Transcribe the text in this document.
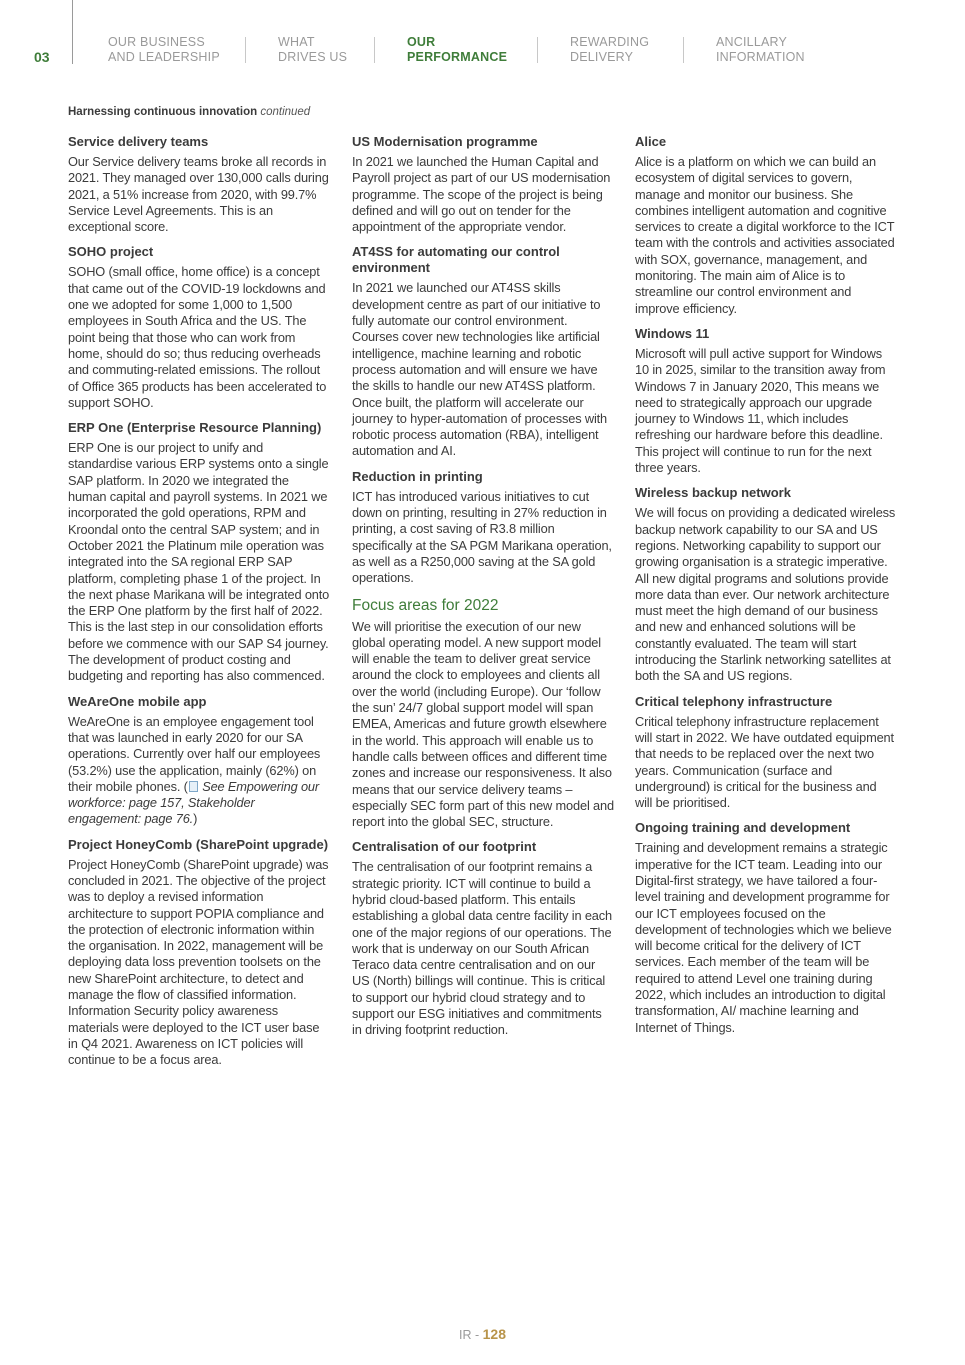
03
OUR BUSINESS
AND LEADERSHIP
WHAT
DRIVES US
OUR
PERFORMANCE
REWARDING
DELIVERY
ANCILLARY
INFORMATION
Harnessing continuous innovation continued
Service delivery teams

Our Service delivery teams broke all records in 2021. They managed over 130,000 calls during 2021, a 51% increase from 2020, with 99.7% Service Level Agreements. This is an exceptional score.

SOHO project

SOHO (small office, home office) is a concept that came out of the COVID-19 lockdowns and one we adopted for some 1,000 to 1,500 employees in South Africa and the US. The point being that those who can work from home, should do so; thus reducing overheads and commuting-related emissions. The rollout of Office 365 products has been accelerated to support SOHO.

ERP One (Enterprise Resource Planning)

ERP One is our project to unify and standardise various ERP systems onto a single SAP platform. In 2020 we integrated the human capital and payroll systems. In 2021 we incorporated the gold operations, RPM and Kroondal onto the central SAP system; and in October 2021 the Platinum mile operation was integrated into the SA regional ERP SAP platform, completing phase 1 of the project. In the next phase Marikana will be integrated onto the ERP One platform by the first half of 2022. This is the last step in our consolidation efforts before we commence with our SAP S4 journey. The development of product costing and budgeting and reporting has also commenced.

WeAreOne mobile app

WeAreOne is an employee engagement tool that was launched in early 2020 for our SA operations. Currently over half our employees (53.2%) use the application, mainly (62%) on their mobile phones. ( See Empowering our workforce: page 157, Stakeholder engagement: page 76.)

Project HoneyComb (SharePoint upgrade)

Project HoneyComb (SharePoint upgrade) was concluded in 2021. The objective of the project was to deploy a revised information architecture to support POPIA compliance and the protection of electronic information within the organisation. In 2022, management will be deploying data loss prevention toolsets on the new SharePoint architecture, to detect and manage the flow of classified information. Information Security policy awareness materials were deployed to the ICT user base in Q4 2021. Awareness on ICT policies will continue to be a focus area.

US Modernisation programme

In 2021 we launched the Human Capital and Payroll project as part of our US modernisation programme. The scope of the project is being defined and will go out on tender for the appointment of the appropriate vendor.

AT4SS for automating our control environment

In 2021 we launched our AT4SS skills development centre as part of our initiative to fully automate our control environment. Courses cover new technologies like artificial intelligence, machine learning and robotic process automation and will ensure we have the skills to handle our new AT4SS platform. Once built, the platform will accelerate our journey to hyper-automation of processes with robotic process automation (RBA), intelligent automation and AI.

Reduction in printing

ICT has introduced various initiatives to cut down on printing, resulting in 27% reduction in printing, a cost saving of R3.8 million specifically at the SA PGM Marikana operation, as well as a R250,000 saving at the SA gold operations.

Focus areas for 2022

We will prioritise the execution of our new global operating model. A new support model will enable the team to deliver great service around the clock to employees and clients all over the world (including Europe). Our ‘follow the sun’ 24/7 global support model will span EMEA, Americas and future growth elsewhere in the world. This approach will enable us to handle calls between offices and different time zones and increase our responsiveness. It also means that our service delivery teams – especially SEC form part of this new model and report into the global SEC, structure.

Centralisation of our footprint

The centralisation of our footprint remains a strategic priority. ICT will continue to build a hybrid cloud-based platform. This entails establishing a global data centre facility in each one of the major regions of our operations. The work that is underway on our South African Teraco data centre centralisation and on our US (North) billings will continue. This is critical to support our hybrid cloud strategy and to support our ESG initiatives and commitments in driving footprint reduction.

Alice

Alice is a platform on which we can build an ecosystem of digital services to govern, manage and monitor our business. She combines intelligent automation and cognitive services to create a digital workforce to the ICT team with the controls and activities associated with SOX, governance, management, and monitoring. The main aim of Alice is to streamline our control environment and improve efficiency.

Windows 11

Microsoft will pull active support for Windows 10 in 2025, similar to the transition away from Windows 7 in January 2020, This means we need to strategically approach our upgrade journey to Windows 11, which includes refreshing our hardware before this deadline. This project will continue to run for the next three years.

Wireless backup network

We will focus on providing a dedicated wireless backup network capability to our SA and US regions. Networking capability to support our growing organisation is a strategic imperative. All new digital programs and solutions provide more data than ever. Our network architecture must meet the high demand of our business and new and enhanced solutions will be constantly evaluated. The team will start introducing the Starlink networking satellites at both the SA and US regions.

Critical telephony infrastructure

Critical telephony infrastructure replacement will start in 2022. We have outdated equipment that needs to be replaced over the next two years. Communication (surface and underground) is critical for the business and will be prioritised.

Ongoing training and development

Training and development remains a strategic imperative for the ICT team. Leading into our Digital-first strategy, we have tailored a four-level training and development programme for our ICT employees focused on the development of technologies which we believe will become critical for the delivery of ICT services. Each member of the team will be required to attend Level one training during 2022, which includes an introduction to digital transformation, AI/ machine learning and Internet of Things.

IR - 128
